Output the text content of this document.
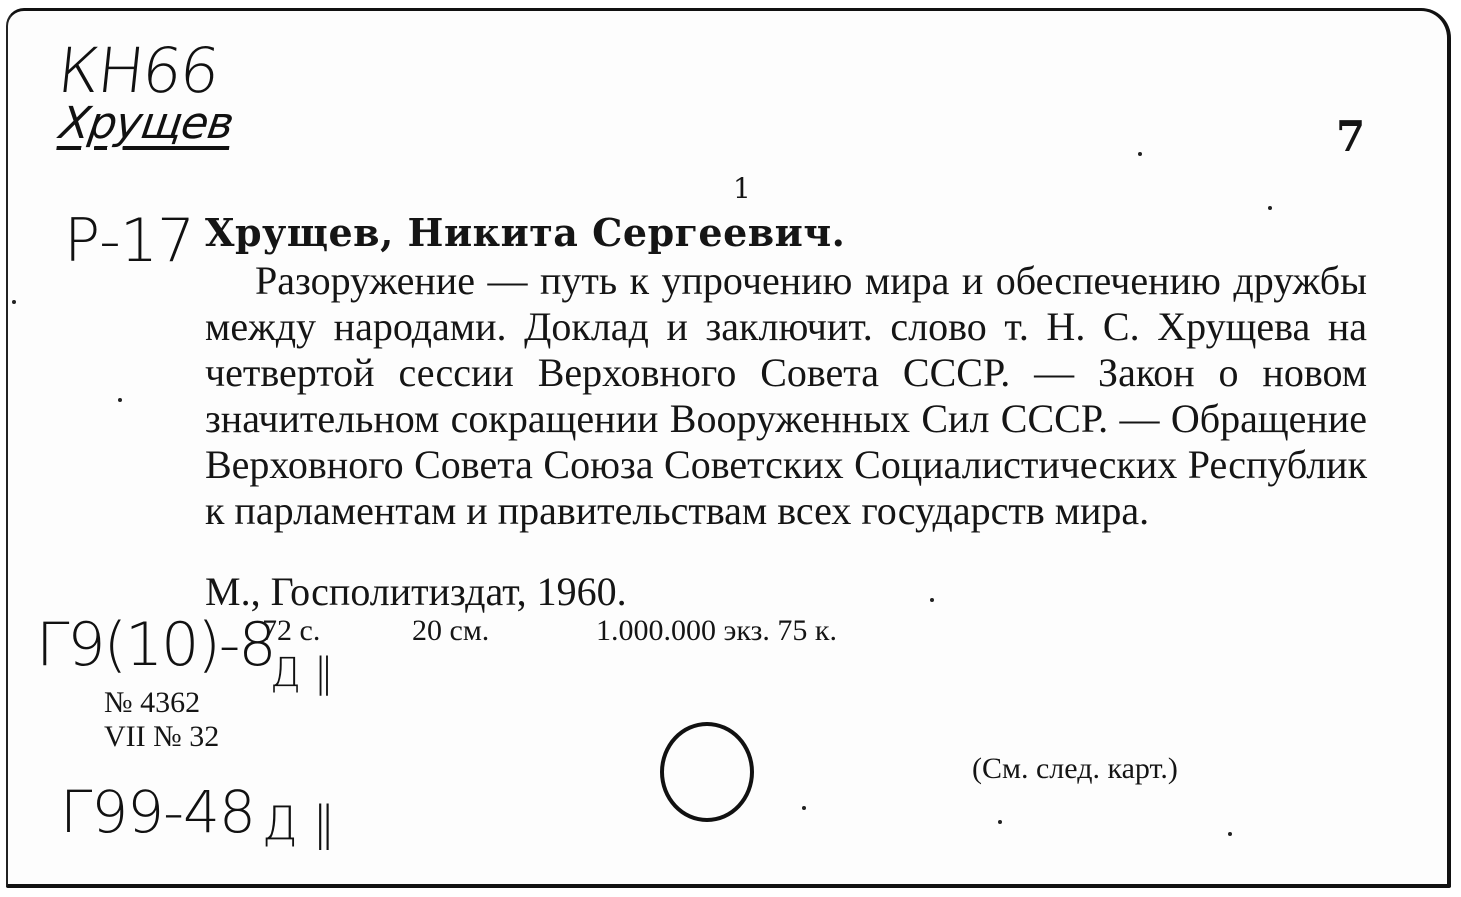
КН66
Хрущев
Р-17
Г9(10)-8
Д ‖
Г99-48 Д ‖
7
1
Хрущев, Никита Сергеевич.

Разоружение — путь к упрочению мира и обеспечению дружбы между народами. Доклад и заключит. слово т. Н. С. Хрущева на четвертой сессии Верховного Совета СССР. — Закон о новом значительном сокращении Вооруженных Сил СССР. — Обращение Верховного Совета Союза Советских Социалистических Республик к парламентам и правительствам всех государств мира.

М., Госполитиздат, 1960.

72 с.	20 см.	1.000.000 экз. 75 к.
№ 4362
VII № 32
(См. след. карт.)
